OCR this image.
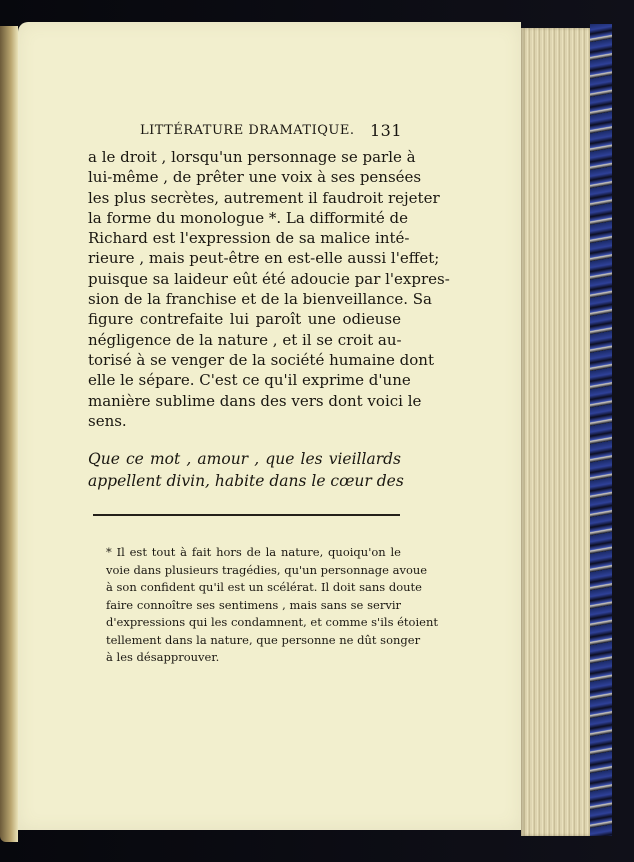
LITTÉRATURE DRAMATIQUE. 131
a le droit , lorsqu'un personnage se parle à
lui-même , de prêter une voix à ses pensées
les plus secrètes, autrement il faudroit rejeter
la forme du monologue *. La difformité de
Richard est l'expression de sa malice inté-
rieure , mais peut-être en est-elle aussi l'effet;
puisque sa laideur eût été adoucie par l'expres-
sion de la franchise et de la bienveillance. Sa
figure contrefaite lui paroît une odieuse
négligence de la nature , et il se croit au-
torisé à se venger de la société humaine dont
elle le sépare. C'est ce qu'il exprime d'une
manière sublime dans des vers dont voici le
sens.
Que ce mot , amour , que les vieillards
appellent divin, habite dans le cœur des
* Il est tout à fait hors de la nature, quoiqu'on le
voie dans plusieurs tragédies, qu'un personnage avoue
à son confident qu'il est un scélérat. Il doit sans doute
faire connoître ses sentimens , mais sans se servir
d'expressions qui les condamnent, et comme s'ils étoient
tellement dans la nature, que personne ne dût songer
à les désapprouver.
